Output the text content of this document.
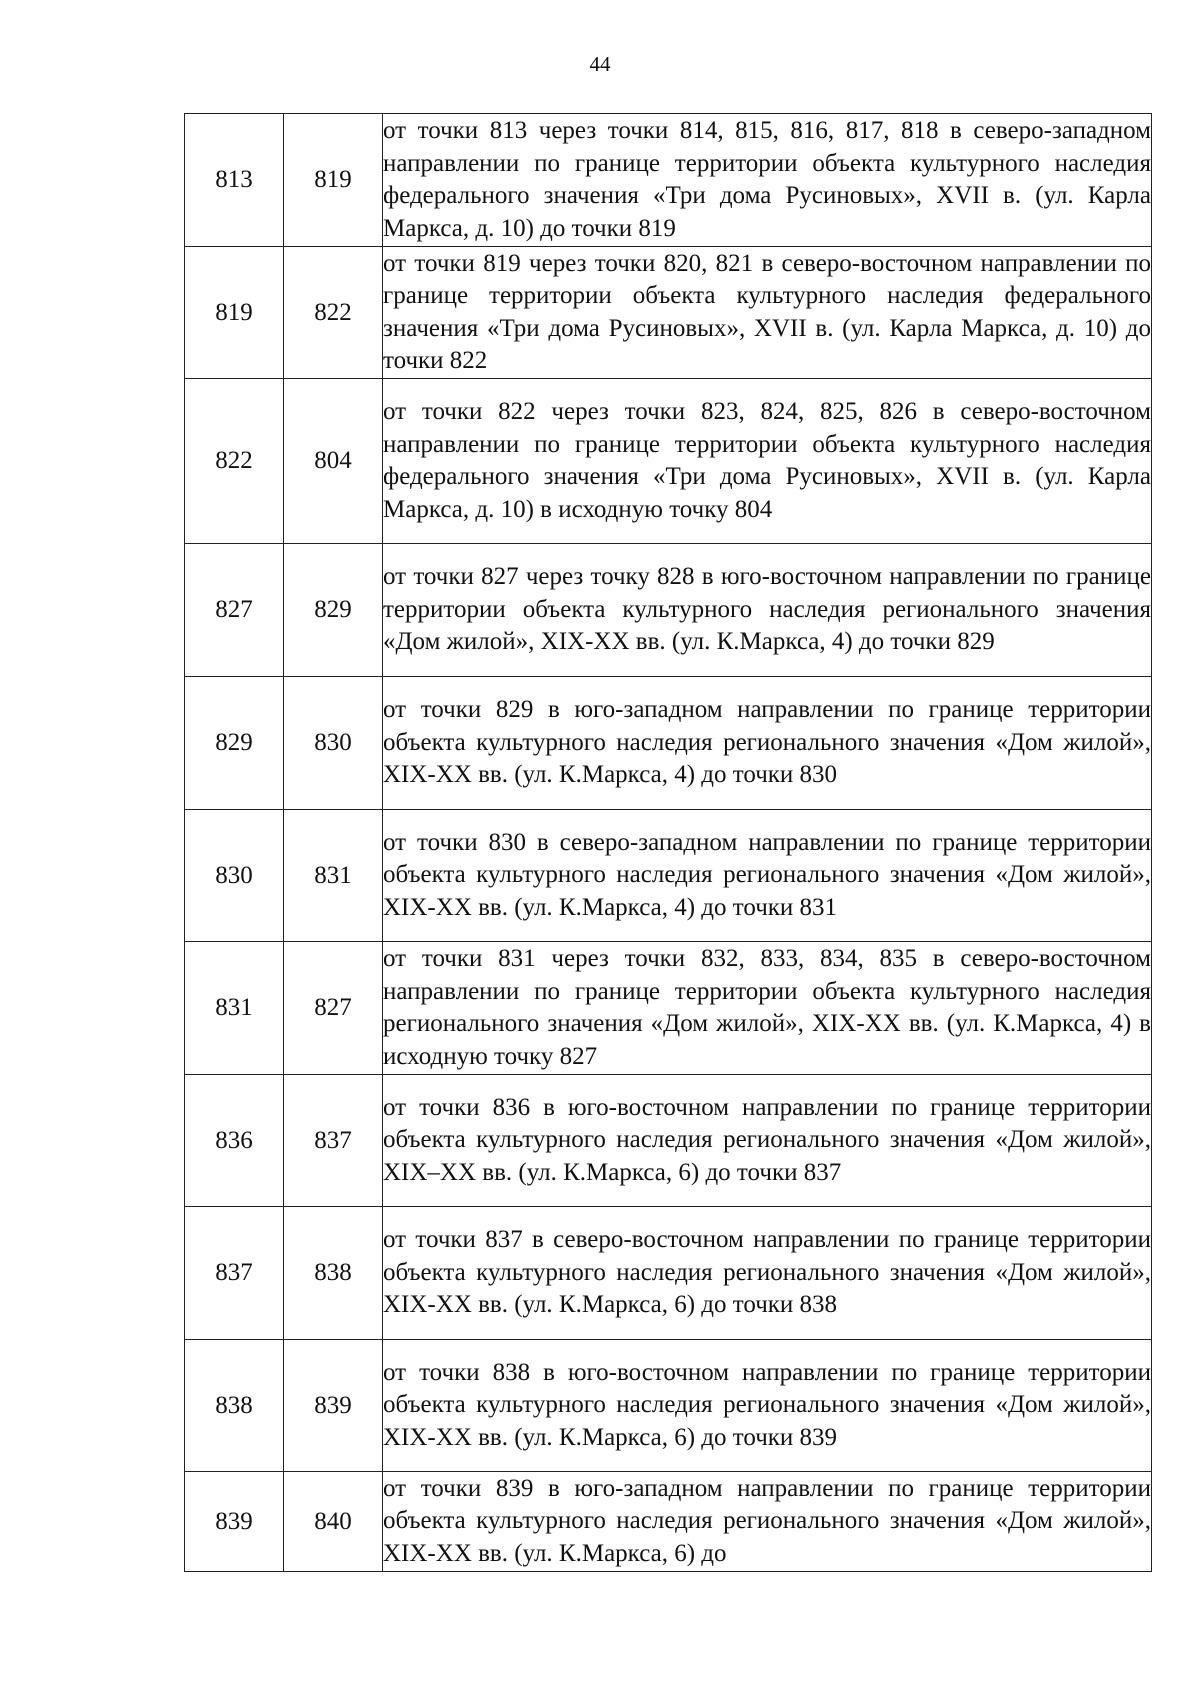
44
813	819	от точки 813 через точки 814, 815, 816, 817, 818 в северо-западном направлении по границе территории объекта культурного наследия федерального значения «Три дома Русиновых», XVII в. (ул. Карла Маркса, д. 10) до точки 819
819	822	от точки 819 через точки 820, 821 в северо-восточном направлении по границе территории объекта культурного наследия федерального значения «Три дома Русиновых», XVII в. (ул. Карла Маркса, д. 10) до точки 822
822	804	от точки 822 через точки 823, 824, 825, 826 в северо-восточном направлении по границе территории объекта культурного наследия федерального значения «Три дома Русиновых», XVII в. (ул. Карла Маркса, д. 10) в исходную точку 804
827	829	от точки 827 через точку 828 в юго-восточном направлении по границе территории объекта культурного наследия регионального значения «Дом жилой», XIX-XX вв. (ул. К.Маркса, 4) до точки 829
829	830	от точки 829 в юго-западном направлении по границе территории объекта культурного наследия регионального значения «Дом жилой», XIX-XX вв. (ул. К.Маркса, 4) до точки 830
830	831	от точки 830 в северо-западном направлении по границе территории объекта культурного наследия регионального значения «Дом жилой», XIX-XX вв. (ул. К.Маркса, 4) до точки 831
831	827	от точки 831 через точки 832, 833, 834, 835 в северо-восточном направлении по границе территории объекта культурного наследия регионального значения «Дом жилой», XIX-XX вв. (ул. К.Маркса, 4) в исходную точку 827
836	837	от точки 836 в юго-восточном направлении по границе территории объекта культурного наследия регионального значения «Дом жилой», XIX–XX вв. (ул. К.Маркса, 6) до точки 837
837	838	от точки 837 в северо-восточном направлении по границе территории объекта культурного наследия регионального значения «Дом жилой», XIX-XX вв. (ул. К.Маркса, 6) до точки 838
838	839	от точки 838 в юго-восточном направлении по границе территории объекта культурного наследия регионального значения «Дом жилой», XIX-XX вв. (ул. К.Маркса, 6) до точки 839
839	840	от точки 839 в юго-западном направлении по границе территории объекта культурного наследия регионального значения «Дом жилой», XIX-XX вв. (ул. К.Маркса, 6) до
